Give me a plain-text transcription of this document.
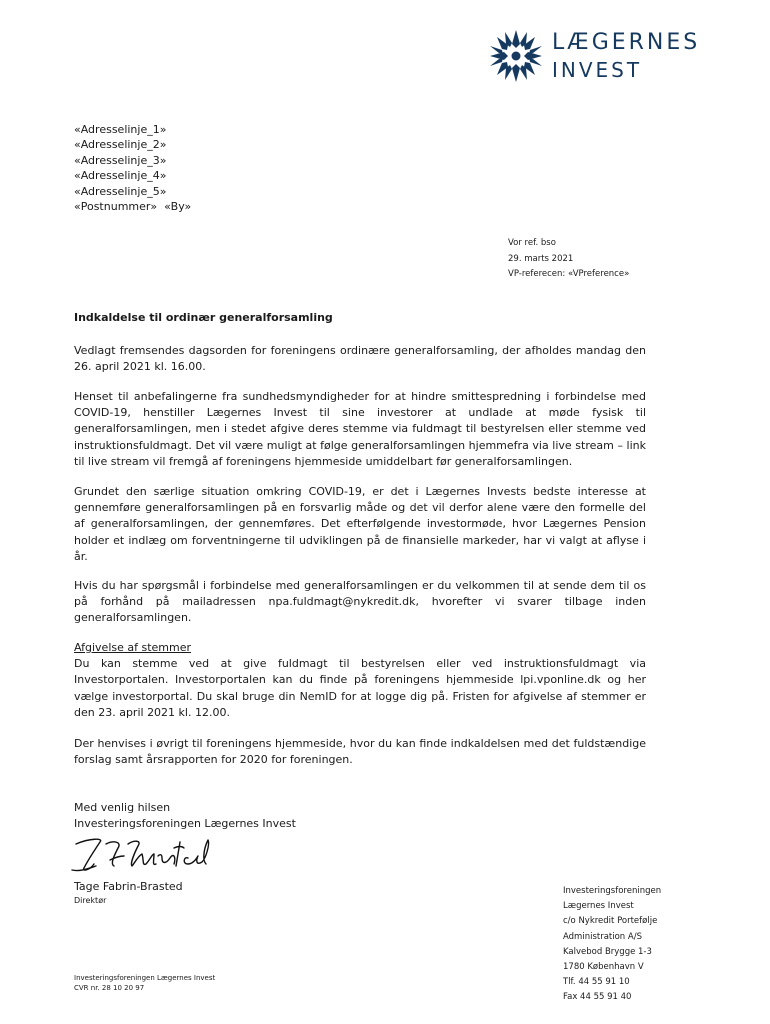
LÆGERNES
INVEST
«Adresselinje_1»
«Adresselinje_2»
«Adresselinje_3»
«Adresselinje_4»
«Adresselinje_5»
«Postnummer»  «By»
Vor ref. bso
29. marts 2021
VP-referecen: «VPreference»
Indkaldelse til ordinær generalforsamling
Vedlagt fremsendes dagsorden for foreningens ordinære generalforsamling, der afholdes mandag den 26. april 2021 kl. 16.00.
Henset til anbefalingerne fra sundhedsmyndigheder for at hindre smittespredning i forbindelse med COVID-19, henstiller Lægernes Invest til sine investorer at undlade at møde fysisk til generalforsamlingen, men i stedet afgive deres stemme via fuldmagt til bestyrelsen eller stemme ved instruktionsfuldmagt. Det vil være muligt at følge generalforsamlingen hjemmefra via live stream – link til live stream vil fremgå af foreningens hjemmeside umiddelbart før generalforsamlingen.
Grundet den særlige situation omkring COVID-19, er det i Lægernes Invests bedste interesse at gennemføre generalforsamlingen på en forsvarlig måde og det vil derfor alene være den formelle del af generalforsamlingen, der gennemføres. Det efterfølgende investormøde, hvor Lægernes Pension holder et indlæg om forventningerne til udviklingen på de finansielle markeder, har vi valgt at aflyse i år.
Hvis du har spørgsmål i forbindelse med generalforsamlingen er du velkommen til at sende dem til os på forhånd på mailadressen npa.fuldmagt@nykredit.dk, hvorefter vi svarer tilbage inden generalforsamlingen.
Afgivelse af stemmer
Du kan stemme ved at give fuldmagt til bestyrelsen eller ved instruktionsfuldmagt via Investorportalen. Investorportalen kan du finde på foreningens hjemmeside lpi.vponline.dk og her vælge investorportal. Du skal bruge din NemID for at logge dig på. Fristen for afgivelse af stemmer er den 23. april 2021 kl. 12.00.
Der henvises i øvrigt til foreningens hjemmeside, hvor du kan finde indkaldelsen med det fuldstændige forslag samt årsrapporten for 2020 for foreningen.
Med venlig hilsen
Investeringsforeningen Lægernes Invest
Tage Fabrin-Brasted
Direktør
Investeringsforeningen
Lægernes Invest
c/o Nykredit Portefølje
Administration A/S
Kalvebod Brygge 1-3
1780 København V
Tlf. 44 55 91 10
Fax 44 55 91 40
Investeringsforeningen Lægernes Invest
CVR nr. 28 10 20 97
